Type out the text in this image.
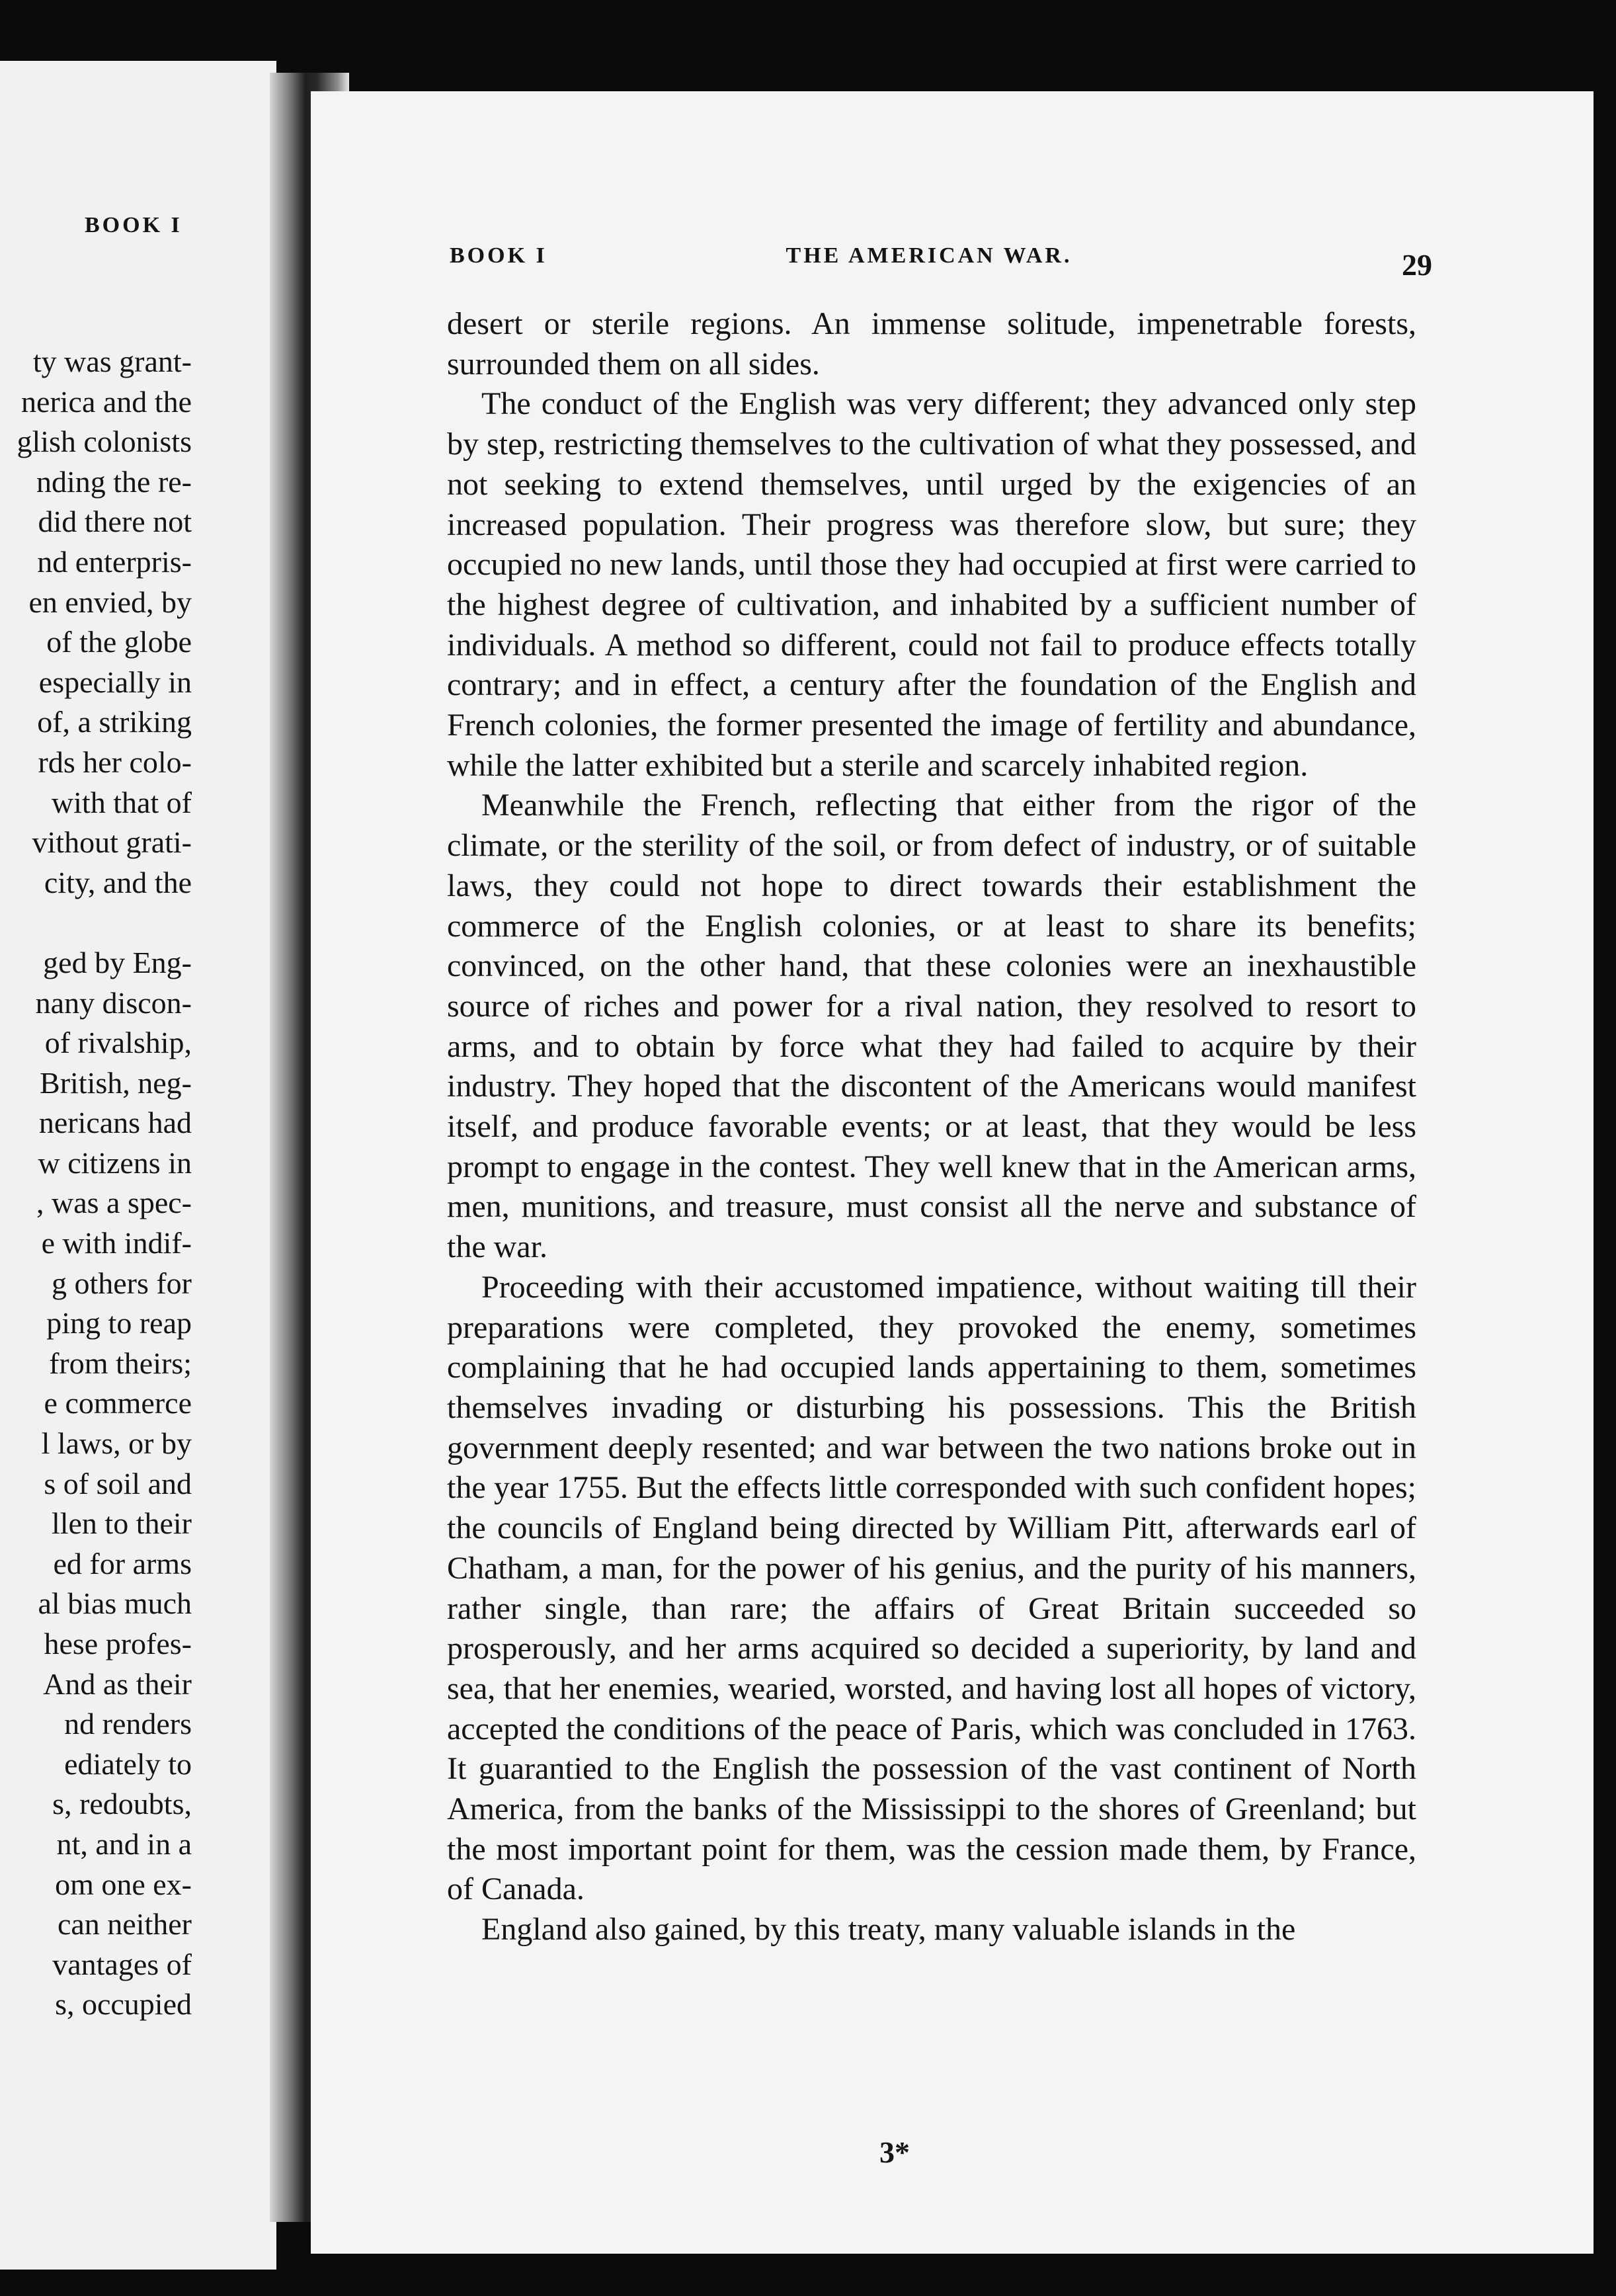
BOOK I
ty was grant-
nerica and the
glish colonists
nding the re-
did there not
nd enterpris-
en envied, by
of the globe
especially in
of, a striking
rds her colo-
with that of
vithout grati-
city, and the
ged by Eng-
nany discon-
of rivalship,
British, neg-
nericans had
w citizens in
, was a spec-
e with indif-
g others for
ping to reap
from theirs;
e commerce
l laws, or by
s of soil and
llen to their
ed for arms
al bias much
hese profes-
And as their
nd renders
ediately to
s, redoubts,
nt, and in a
om one ex-
can neither
vantages of
s, occupied
BOOK I	THE AMERICAN WAR.	29

desert or sterile regions. An immense solitude, impenetrable forests, surrounded them on all sides.

The conduct of the English was very different; they advanced only step by step, restricting themselves to the cultivation of what they possessed, and not seeking to extend themselves, until urged by the exigencies of an increased population. Their progress was therefore slow, but sure; they occupied no new lands, until those they had occupied at first were carried to the highest degree of cultivation, and inhabited by a sufficient number of individuals. A method so different, could not fail to produce effects totally contrary; and in effect, a century after the foundation of the English and French colonies, the former presented the image of fertility and abundance, while the latter exhibited but a sterile and scarcely inhabited region.

Meanwhile the French, reflecting that either from the rigor of the climate, or the sterility of the soil, or from defect of industry, or of suitable laws, they could not hope to direct towards their establishment the commerce of the English colonies, or at least to share its benefits; convinced, on the other hand, that these colonies were an inexhaustible source of riches and power for a rival nation, they resolved to resort to arms, and to obtain by force what they had failed to acquire by their industry. They hoped that the discontent of the Americans would manifest itself, and produce favorable events; or at least, that they would be less prompt to engage in the contest. They well knew that in the American arms, men, munitions, and treasure, must consist all the nerve and substance of the war.

Proceeding with their accustomed impatience, without waiting till their preparations were completed, they provoked the enemy, sometimes complaining that he had occupied lands appertaining to them, sometimes themselves invading or disturbing his possessions. This the British government deeply resented; and war between the two nations broke out in the year 1755. But the effects little corresponded with such confident hopes; the councils of England being directed by William Pitt, afterwards earl of Chatham, a man, for the power of his genius, and the purity of his manners, rather single, than rare; the affairs of Great Britain succeeded so prosperously, and her arms acquired so decided a superiority, by land and sea, that her enemies, wearied, worsted, and having lost all hopes of victory, accepted the conditions of the peace of Paris, which was concluded in 1763. It guarantied to the English the possession of the vast continent of North America, from the banks of the Mississippi to the shores of Greenland; but the most important point for them, was the cession made them, by France, of Canada.

England also gained, by this treaty, many valuable islands in the

3*
